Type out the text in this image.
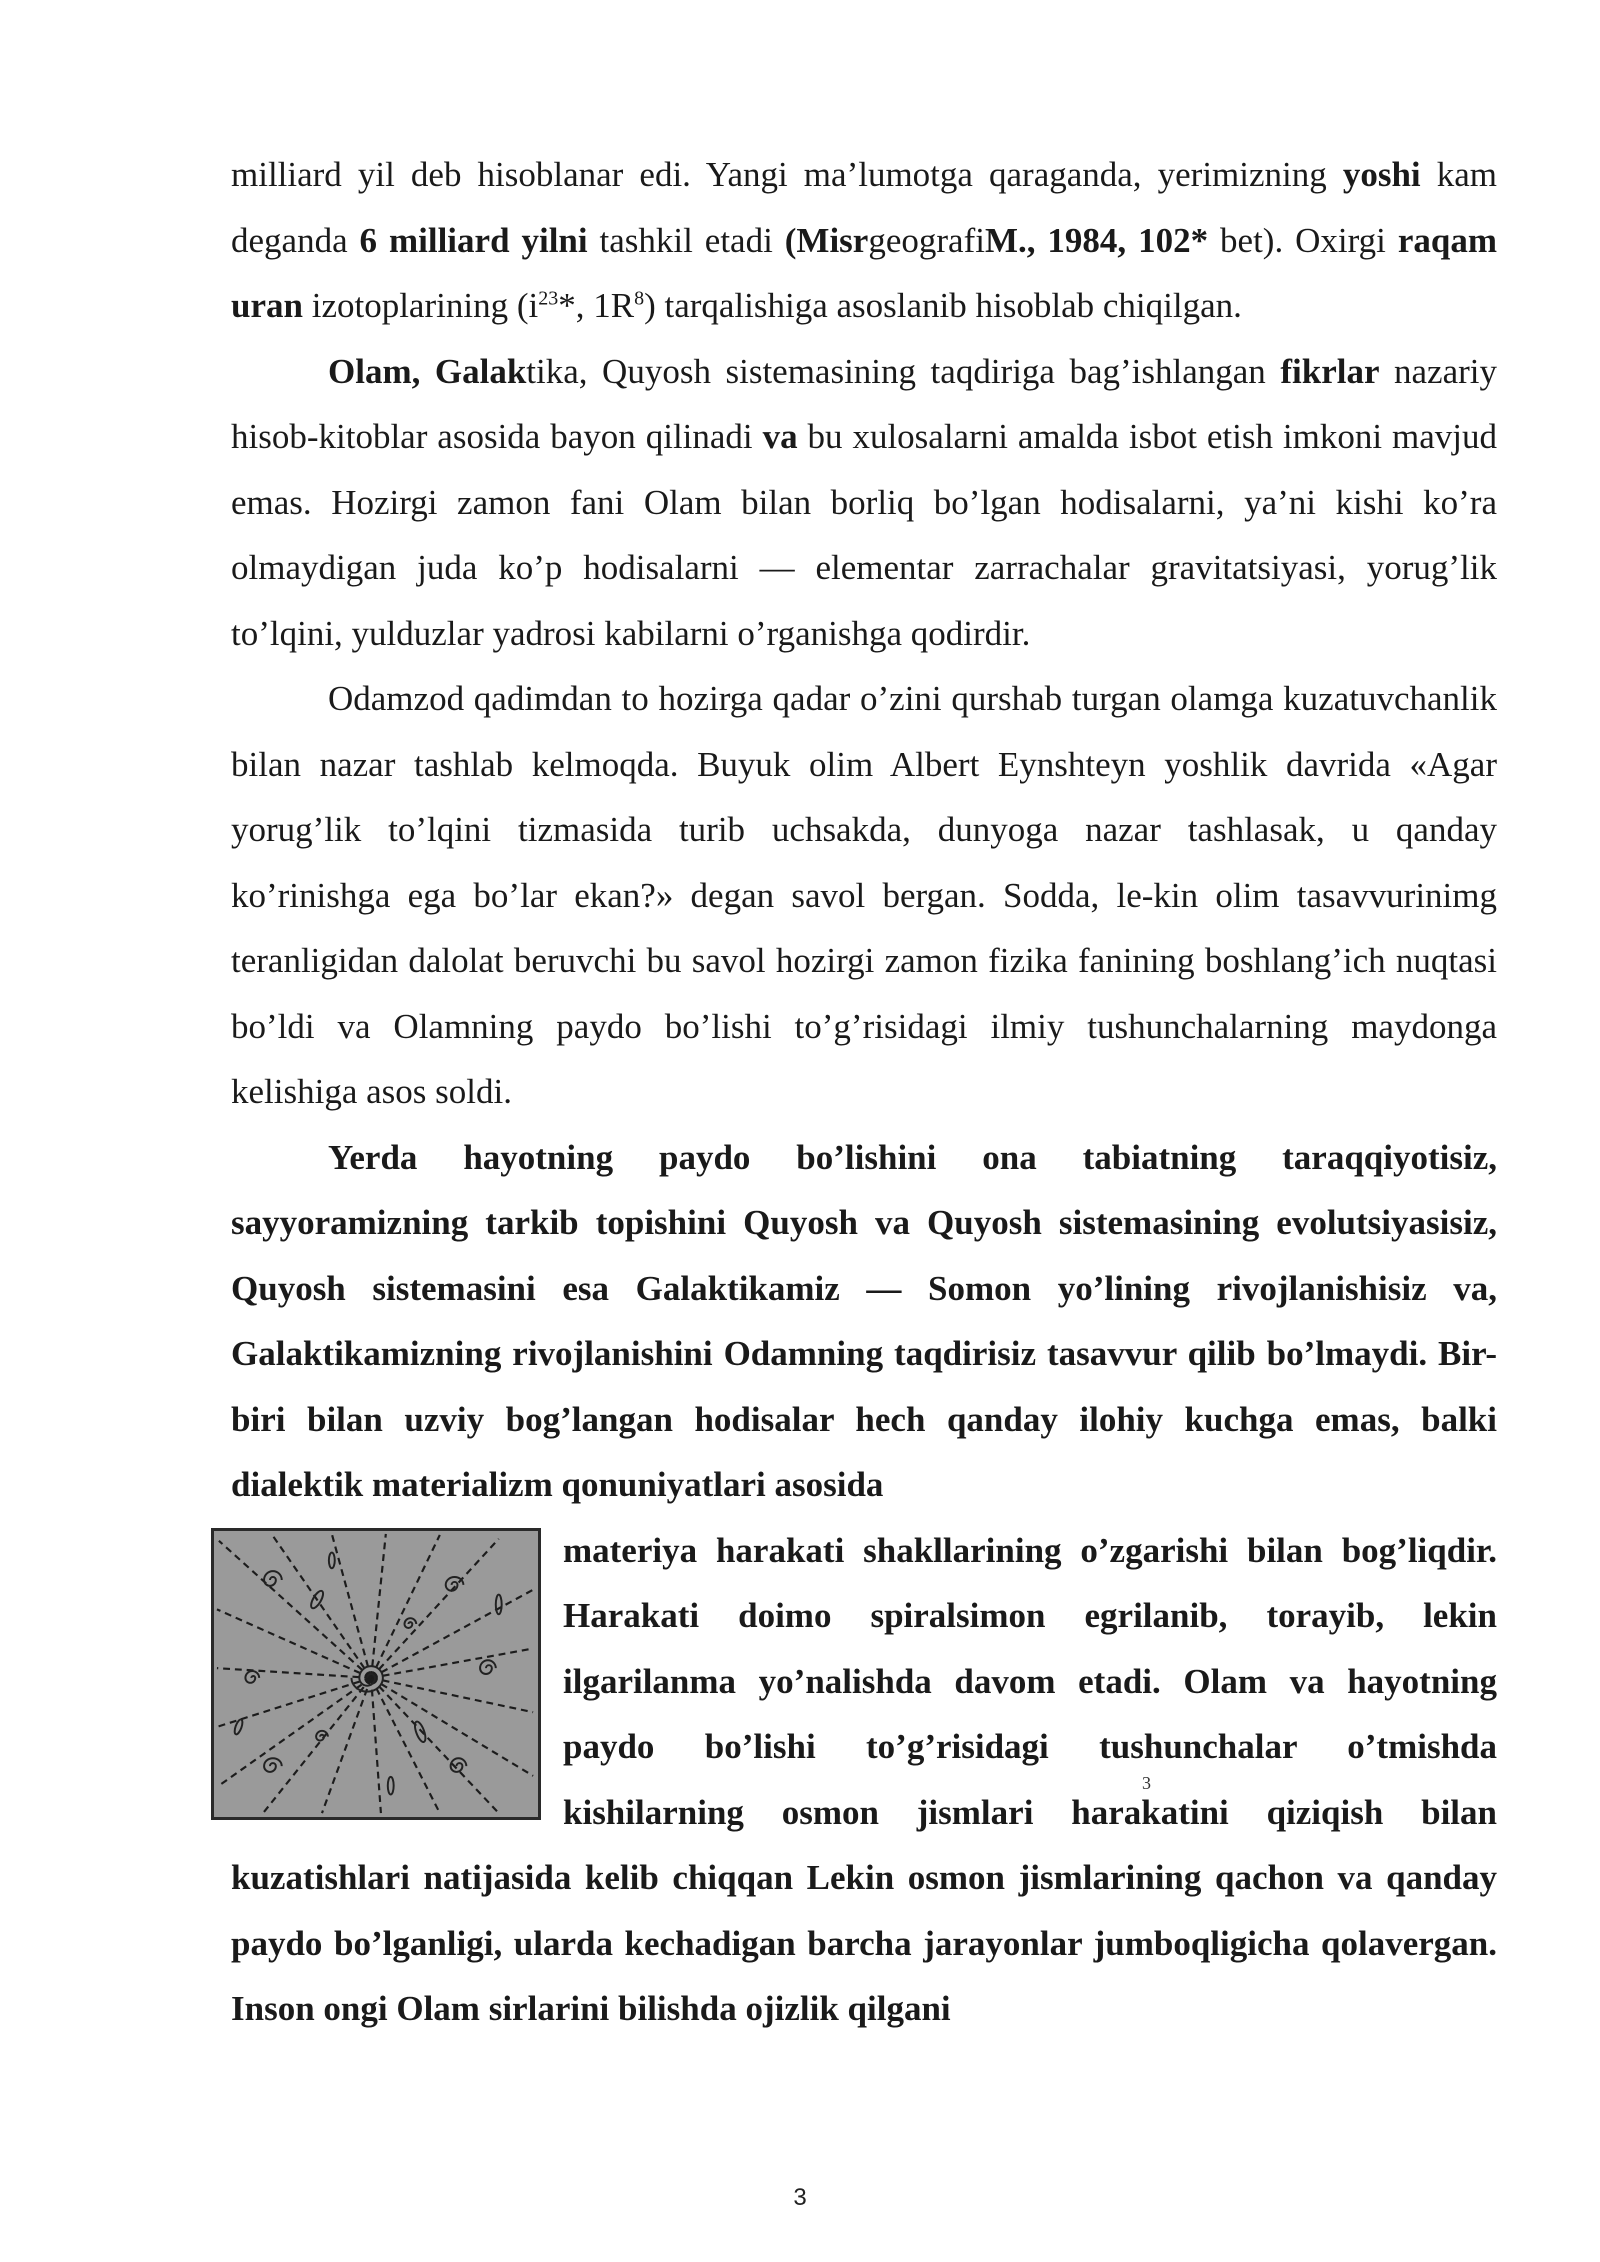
milliard yil deb hisoblanar edi. Yangi ma’lumotga qaraganda, yerimizning yoshi kam deganda 6 milliard yilni tashkil etadi (MisrgeografiM., 1984, 102* bet). Oxirgi raqam uran izotoplarining ($i^{23}*$, $1R^8$) tarqalishiga asoslanib hisoblab chiqilgan.

Olam, Galaktika, Quyosh sistemasining taqdiriga bag’ishlangan fikrlar nazariy hisob-kitoblar asosida bayon qilinadi va bu xulosalarni amalda isbot etish imkoni mavjud emas. Hozirgi zamon fani Olam bilan borliq bo’lgan hodisalarni, ya’ni kishi ko’ra olmaydigan juda ko’p hodisalarni — elementar zarrachalar gravitatsiyasi, yorug’lik to’lqini, yulduzlar yadrosi kabilarni o’rganishga qodirdir.

Odamzod qadimdan to hozirga qadar o’zini qurshab turgan olamga kuzatuvchanlik bilan nazar tashlab kelmoqda. Buyuk olim Albert Eynshteyn yoshlik davrida «Agar yorug’lik to’lqini tizmasida turib uchsakda, dunyoga nazar tashlasak, u qanday ko’rinishga ega bo’lar ekan?» degan savol bergan. Sodda, le-kin olim tasavvurinimg teranligidan dalolat beruvchi bu savol hozirgi zamon fizika fanining boshlang’ich nuqtasi bo’ldi va Olamning paydo bo’lishi to’g’risidagi ilmiy tushunchalarning maydonga kelishiga asos soldi.

Yerda hayotning paydo bo’lishini ona tabiatning taraqqiyotisiz, sayyoramizning tarkib topishini Quyosh va Quyosh sistemasining evolutsiyasisiz, Quyosh sistemasini esa Galaktikamiz — Somon yo’lining rivojlanishisiz va, Galaktikamizning rivojlanishini Odamning taqdirisiz tasavvur qilib bo’lmaydi. Bir-biri bilan uzviy bog’langan hodisalar hech qanday ilohiy kuchga emas, balki dialektik materializm qonuniyatlari asosida

materiya harakati shakllarining o’zgarishi bilan bog’liqdir. Harakati doimo spiralsimon egrilanib, torayib, lekin ilgarilanma yo’nalishda davom etadi. Olam va hayotning paydo bo’lishi to’g’risidagi tushunchalar o’tmishda kishilarning osmon jismlari harakatini qiziqish bilan kuzatishlari natijasida kelib chiqqan Lekin osmon jismlarining qachon va qanday paydo bo’lganligi, ularda kechadigan barcha jarayonlar jumboqligicha qolavergan. Inson ongi Olam sirlarini bilishda ojizlik qilgani

3
3
